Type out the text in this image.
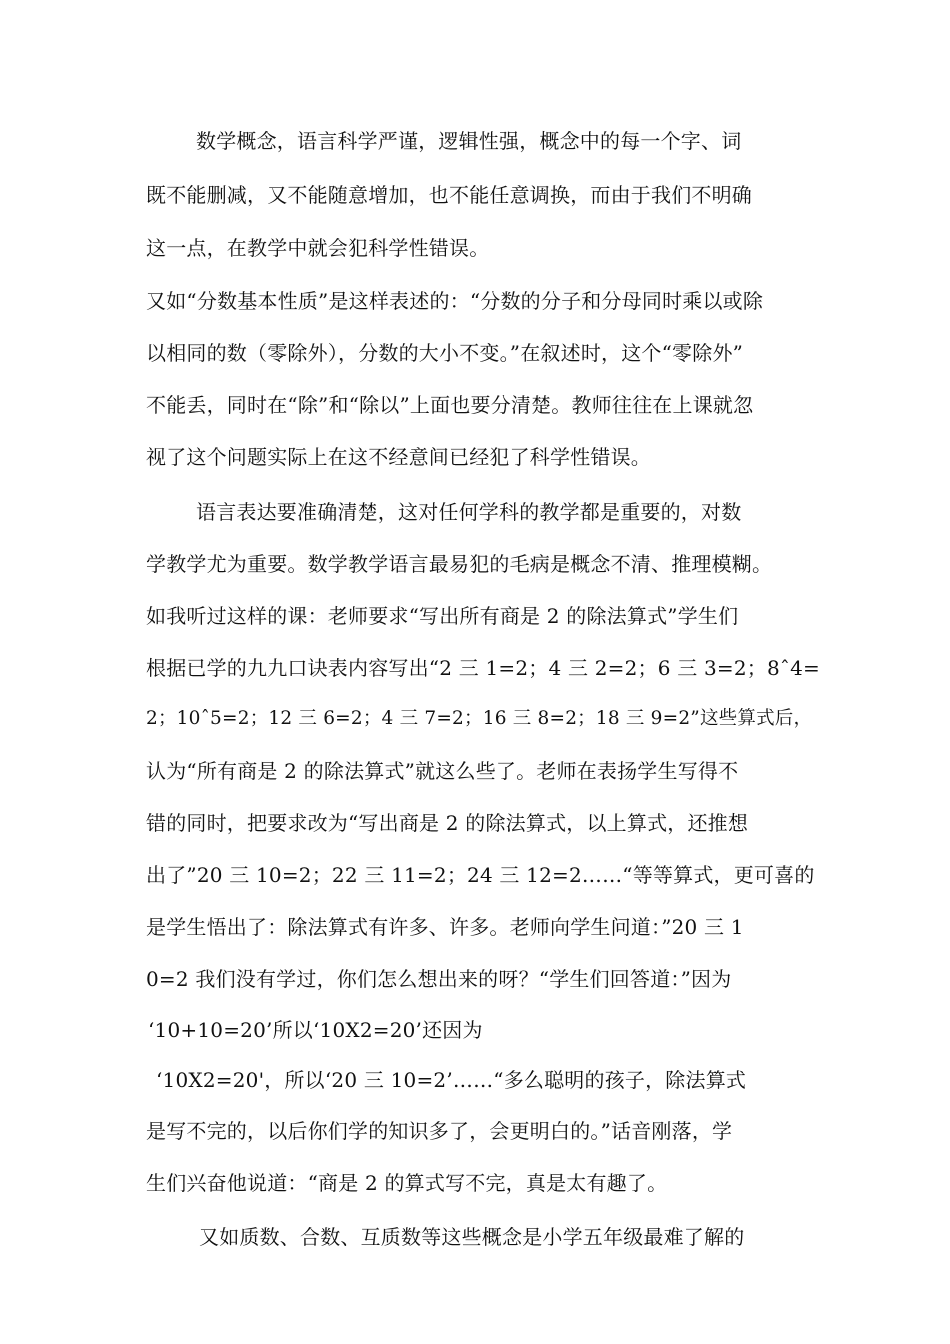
数学概念，语言科学严谨，逻辑性强，概念中的每一个字、词
既不能删减，又不能随意增加，也不能任意调换，而由于我们不明确
这一点，在教学中就会犯科学性错误。
又如“分数基本性质”是这样表述的：“分数的分子和分母同时乘以或除
以相同的数（零除外），分数的大小不变。”在叙述时，这个“零除外”
不能丢，同时在“除”和“除以”上面也要分清楚。教师往往在上课就忽
视了这个问题实际上在这不经意间已经犯了科学性错误。
语言表达要准确清楚，这对任何学科的教学都是重要的，对数
学教学尤为重要。数学教学语言最易犯的毛病是概念不清、推理模糊。
如我听过这样的课：老师要求“写出所有商是 2 的除法算式”学生们
根据已学的九九口诀表内容写出“2 三 1=2；4 三 2=2；6 三 3=2；8ˆ4=
2；10ˆ5=2；12 三 6=2；4 三 7=2；16 三 8=2；18 三 9=2”这些算式后，
认为“所有商是 2 的除法算式”就这么些了。老师在表扬学生写得不
错的同时，把要求改为“写出商是 2 的除法算式，以上算式，还推想
出了”20 三 10=2；22 三 11=2；24 三 12=2……“等等算式，更可喜的
是学生悟出了：除法算式有许多、许多。老师向学生问道：”20 三 1
0=2 我们没有学过，你们怎么想出来的呀？“学生们回答道：”因为
‘10+10=20’所以‘10X2=20’还因为
‘10X2=20'，所以‘20 三 10=2’……“多么聪明的孩子，除法算式
是写不完的，以后你们学的知识多了，会更明白的。”话音刚落，学
生们兴奋他说道：“商是 2 的算式写不完，真是太有趣了。
又如质数、合数、互质数等这些概念是小学五年级最难了解的
